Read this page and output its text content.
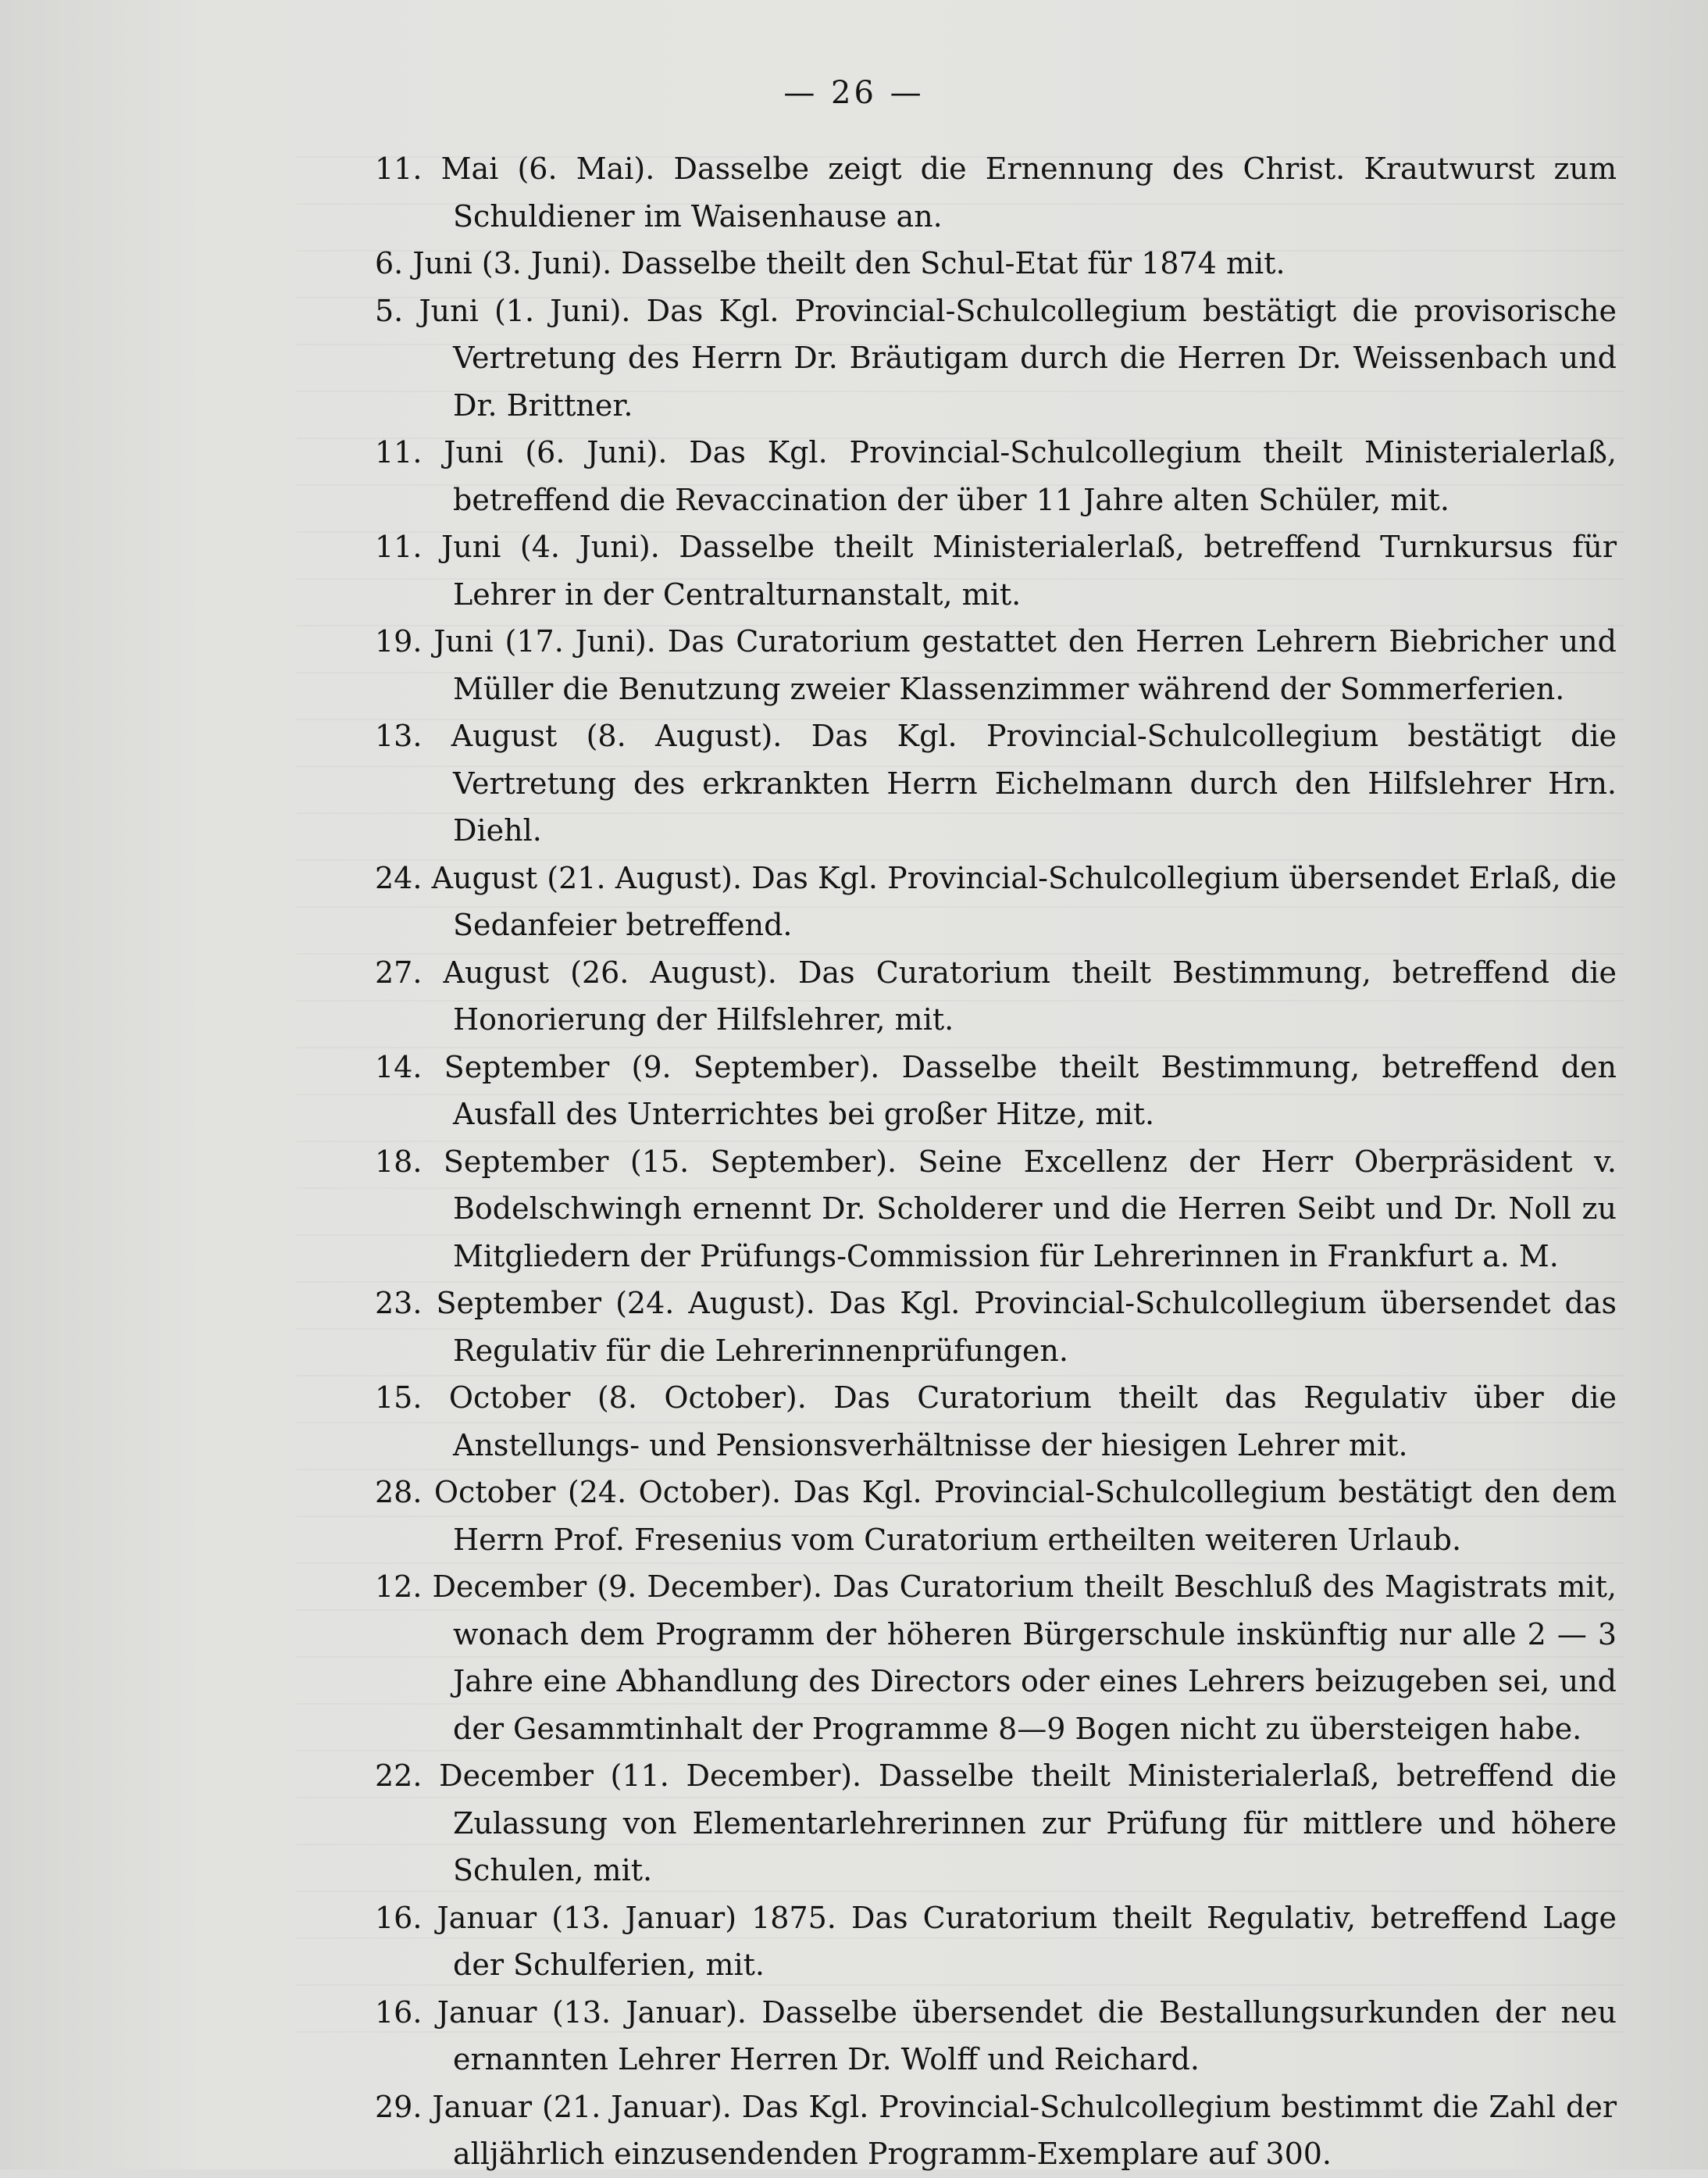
— 26 —

11. Mai (6. Mai). Dasselbe zeigt die Ernennung des Christ. Krautwurst zum Schuldiener im Waisenhause an.

6. Juni (3. Juni). Dasselbe theilt den Schul-Etat für 1874 mit.

5. Juni (1. Juni). Das Kgl. Provincial-Schulcollegium bestätigt die provisorische Vertretung des Herrn Dr. Bräutigam durch die Herren Dr. Weissenbach und Dr. Brittner.

11. Juni (6. Juni). Das Kgl. Provincial-Schulcollegium theilt Ministerialerlaß, betreffend die Revaccination der über 11 Jahre alten Schüler, mit.

11. Juni (4. Juni). Dasselbe theilt Ministerialerlaß, betreffend Turnkursus für Lehrer in der Centralturnanstalt, mit.

19. Juni (17. Juni). Das Curatorium gestattet den Herren Lehrern Biebricher und Müller die Benutzung zweier Klassenzimmer während der Sommerferien.

13. August (8. August). Das Kgl. Provincial-Schulcollegium bestätigt die Vertretung des erkrankten Herrn Eichelmann durch den Hilfslehrer Hrn. Diehl.

24. August (21. August). Das Kgl. Provincial-Schulcollegium übersendet Erlaß, die Sedanfeier betreffend.

27. August (26. August). Das Curatorium theilt Bestimmung, betreffend die Honorierung der Hilfslehrer, mit.

14. September (9. September). Dasselbe theilt Bestimmung, betreffend den Ausfall des Unterrichtes bei großer Hitze, mit.

18. September (15. September). Seine Excellenz der Herr Oberpräsident v. Bodelschwingh ernennt Dr. Scholderer und die Herren Seibt und Dr. Noll zu Mitgliedern der Prüfungs-Commission für Lehrerinnen in Frankfurt a. M.

23. September (24. August). Das Kgl. Provincial-Schulcollegium übersendet das Regulativ für die Lehrerinnenprüfungen.

15. October (8. October). Das Curatorium theilt das Regulativ über die Anstellungs- und Pensionsverhältnisse der hiesigen Lehrer mit.

28. October (24. October). Das Kgl. Provincial-Schulcollegium bestätigt den dem Herrn Prof. Fresenius vom Curatorium ertheilten weiteren Urlaub.

12. December (9. December). Das Curatorium theilt Beschluß des Magistrats mit, wonach dem Programm der höheren Bürgerschule inskünftig nur alle 2 — 3 Jahre eine Abhandlung des Directors oder eines Lehrers beizugeben sei, und der Gesammtinhalt der Programme 8—9 Bogen nicht zu übersteigen habe.

22. December (11. December). Dasselbe theilt Ministerialerlaß, betreffend die Zulassung von Elementarlehrerinnen zur Prüfung für mittlere und höhere Schulen, mit.

16. Januar (13. Januar) 1875. Das Curatorium theilt Regulativ, betreffend Lage der Schulferien, mit.

16. Januar (13. Januar). Dasselbe übersendet die Bestallungsurkunden der neu ernannten Lehrer Herren Dr. Wolff und Reichard.

29. Januar (21. Januar). Das Kgl. Provincial-Schulcollegium bestimmt die Zahl der alljährlich einzusendenden Programm-Exemplare auf 300.
